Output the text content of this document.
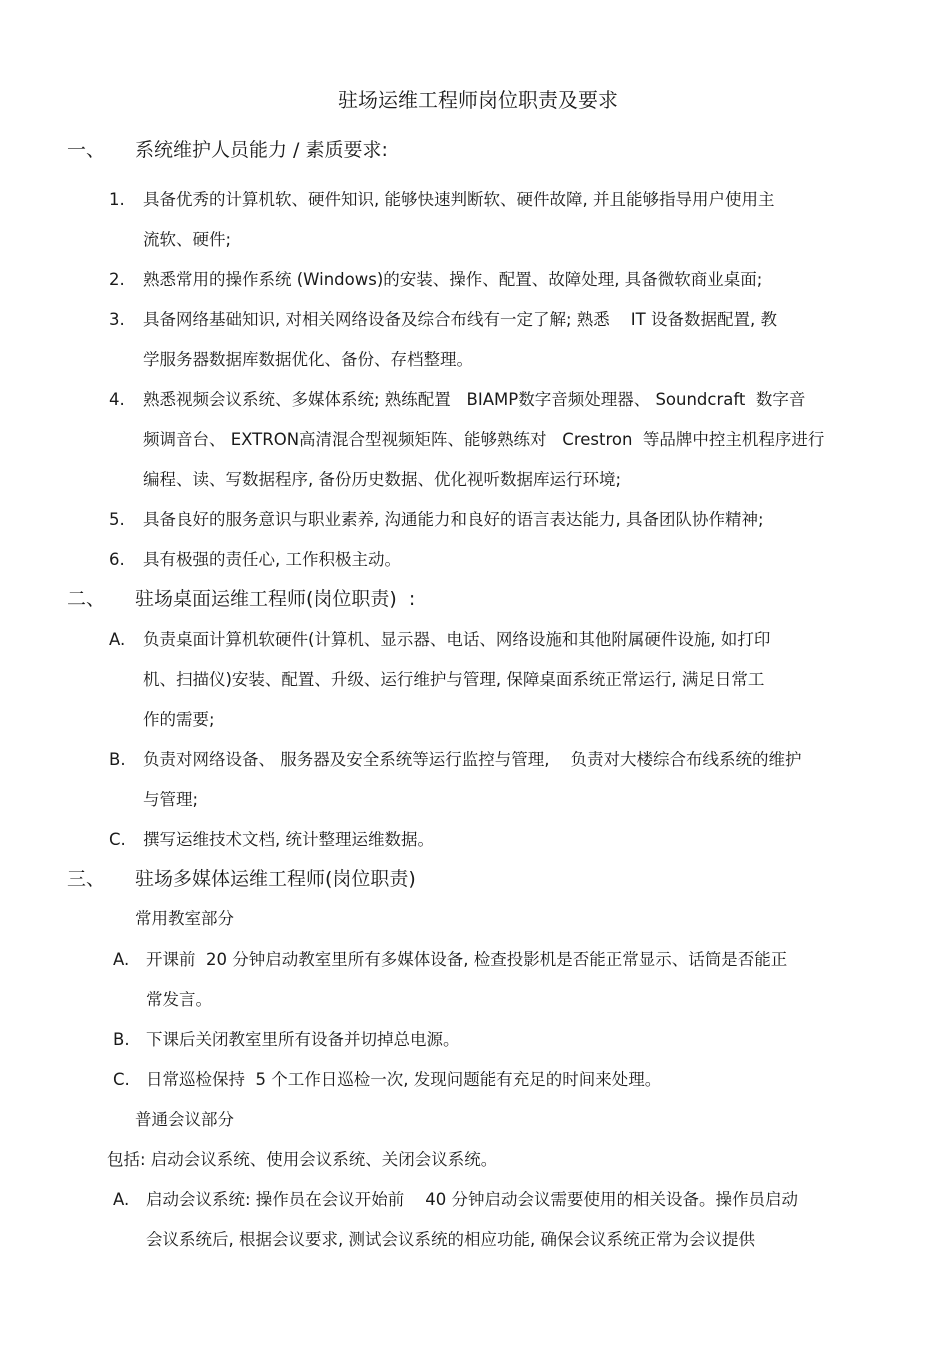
驻场运维工程师岗位职责及要求
一、 系统维护人员能力 / 素质要求:
1. 具备优秀的计算机软、硬件知识, 能够快速判断软、硬件故障, 并且能够指导用户使用主
流软、硬件;
2. 熟悉常用的操作系统 (Windows)的安装、操作、配置、故障处理, 具备微软商业桌面;
3. 具备网络基础知识, 对相关网络设备及综合布线有一定了解; 熟悉    IT 设备数据配置, 教
学服务器数据库数据优化、备份、存档整理。
4. 熟悉视频会议系统、多媒体系统; 熟练配置   BIAMP数字音频处理器、 Soundcraft  数字音
频调音台、 EXTRON高清混合型视频矩阵、能够熟练对   Crestron  等品牌中控主机程序进行
编程、读、写数据程序, 备份历史数据、优化视听数据库运行环境;
5. 具备良好的服务意识与职业素养, 沟通能力和良好的语言表达能力, 具备团队协作精神;
6. 具有极强的责任心, 工作积极主动。
二、 驻场桌面运维工程师(岗位职责)  :
A. 负责桌面计算机软硬件(计算机、显示器、电话、网络设施和其他附属硬件设施, 如打印
机、扫描仪)安装、配置、升级、运行维护与管理, 保障桌面系统正常运行, 满足日常工
作的需要;
B. 负责对网络设备、 服务器及安全系统等运行监控与管理,    负责对大楼综合布线系统的维护
与管理;
C. 撰写运维技术文档, 统计整理运维数据。
三、 驻场多媒体运维工程师(岗位职责)
常用教室部分
A. 开课前  20 分钟启动教室里所有多媒体设备, 检查投影机是否能正常显示、话筒是否能正
常发言。
B. 下课后关闭教室里所有设备并切掉总电源。
C. 日常巡检保持  5 个工作日巡检一次, 发现问题能有充足的时间来处理。
普通会议部分
包括: 启动会议系统、使用会议系统、关闭会议系统。
A. 启动会议系统: 操作员在会议开始前    40 分钟启动会议需要使用的相关设备。操作员启动
会议系统后, 根据会议要求, 测试会议系统的相应功能, 确保会议系统正常为会议提供
